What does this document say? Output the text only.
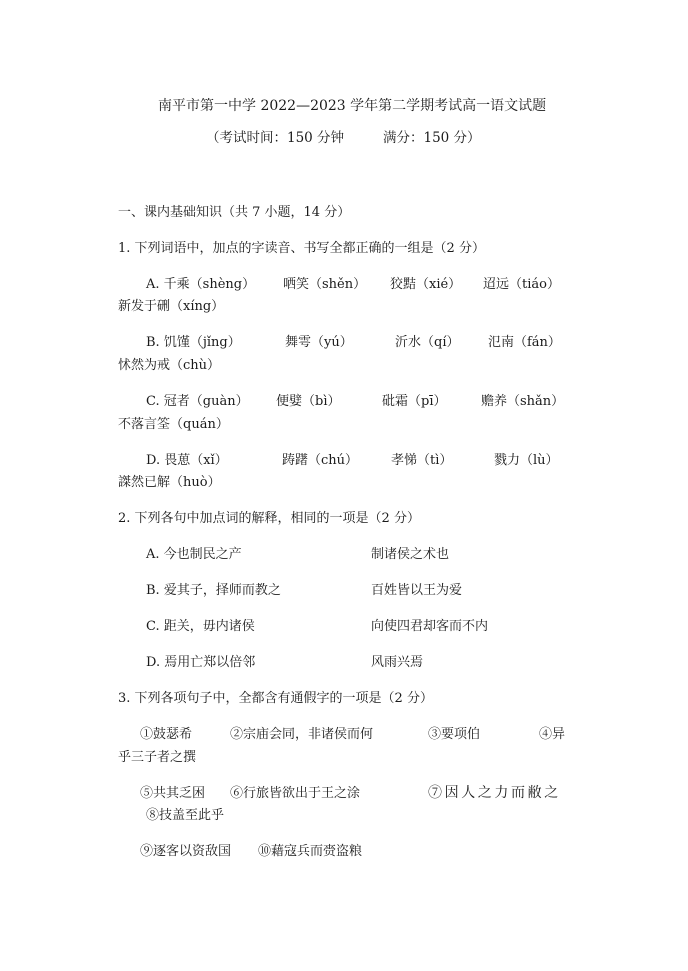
南平市第一中学 2022—2023 学年第二学期考试高一语文试题
（考试时间：150 分钟	满分：150 分）
一、课内基础知识（共 7 小题，14 分）
1. 下列词语中，加点的字读音、书写全都正确的一组是（2 分）
A. 千乘（shèng） 哂笑（shěn） 狡黠（xié） 迢远（tiáo）
新发于硎（xíng）
B. 饥馑（jǐng）	舞雩（yú）	沂水（qí） 氾南（fán）
怵然为戒（chù）
C. 冠者（guàn） 便嬖（bì）	砒霜（pī）	赡养（shǎn）
不落言筌（quán）
D. 畏葸（xǐ）	踌躇（chú）	孝悌（tì）	戮力（lù）
謋然已解（huò）
2. 下列各句中加点词的解释，相同的一项是（2 分）
A. 今也制民之产	制诸侯之术也
B. 爱其子，择师而教之	百姓皆以王为爱
C. 距关，毋内诸侯	向使四君却客而不内
D. 焉用亡郑以倍邻	风雨兴焉
3. 下列各项句子中，全都含有通假字的一项是（2 分）
①鼓瑟希	②宗庙会同，非诸侯而何	③要项伯	④异
乎三子者之撰
⑤共其乏困 ⑥行旅皆欲出于王之涂	⑦因人之力而敝之
⑧技盖至此乎
⑨逐客以资敌国 ⑩藉寇兵而赍盗粮
